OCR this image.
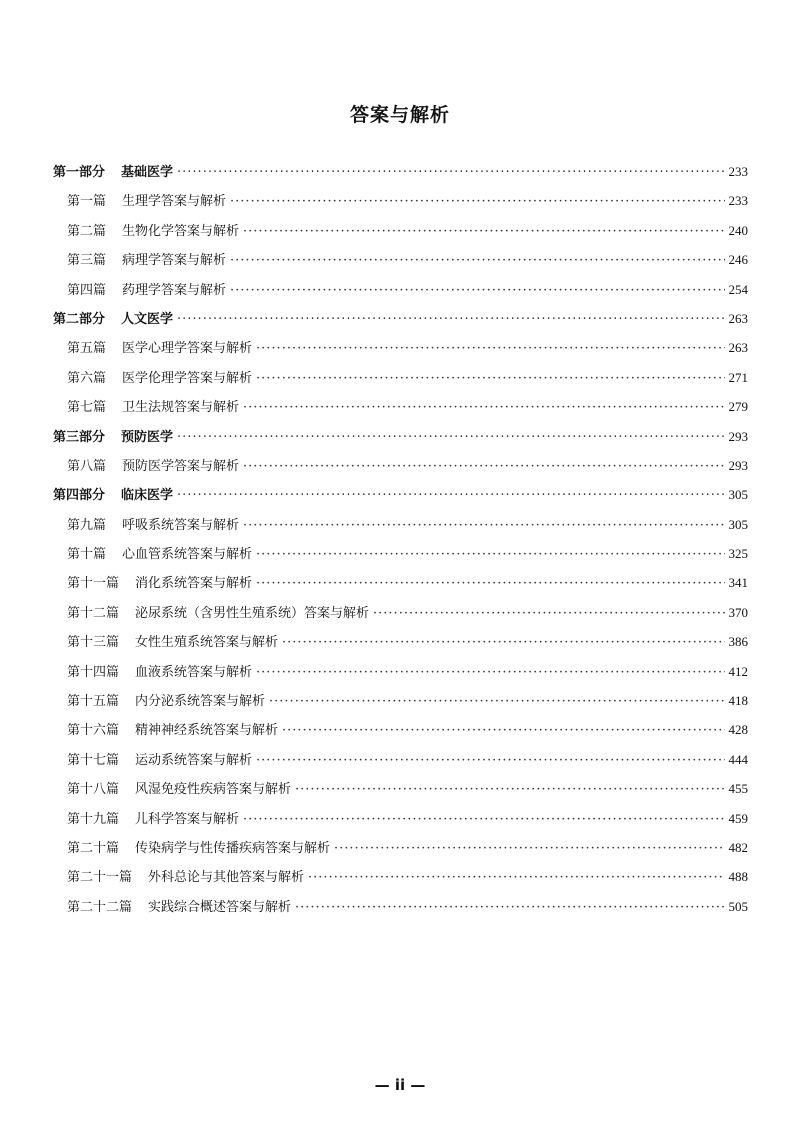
答案与解析
第一部分 基础医学 ·····	233
第一篇 生理学答案与解析 ·····	233
第二篇 生物化学答案与解析 ·····	240
第三篇 病理学答案与解析 ·····	246
第四篇 药理学答案与解析 ·····	254
第二部分 人文医学 ·····	263
第五篇 医学心理学答案与解析 ·····	263
第六篇 医学伦理学答案与解析 ·····	271
第七篇 卫生法规答案与解析 ·····	279
第三部分 预防医学 ·····	293
第八篇 预防医学答案与解析 ·····	293
第四部分 临床医学 ·····	305
第九篇 呼吸系统答案与解析 ·····	305
第十篇 心血管系统答案与解析 ·····	325
第十一篇 消化系统答案与解析 ·····	341
第十二篇 泌尿系统（含男性生殖系统）答案与解析 ·····	370
第十三篇 女性生殖系统答案与解析 ·····	386
第十四篇 血液系统答案与解析 ·····	412
第十五篇 内分泌系统答案与解析 ·····	418
第十六篇 精神神经系统答案与解析 ·····	428
第十七篇 运动系统答案与解析 ·····	444
第十八篇 风湿免疫性疾病答案与解析 ·····	455
第十九篇 儿科学答案与解析 ·····	459
第二十篇 传染病学与性传播疾病答案与解析 ·····	482
第二十一篇 外科总论与其他答案与解析 ·····	488
第二十二篇 实践综合概述答案与解析 ·····	505
— ii —
